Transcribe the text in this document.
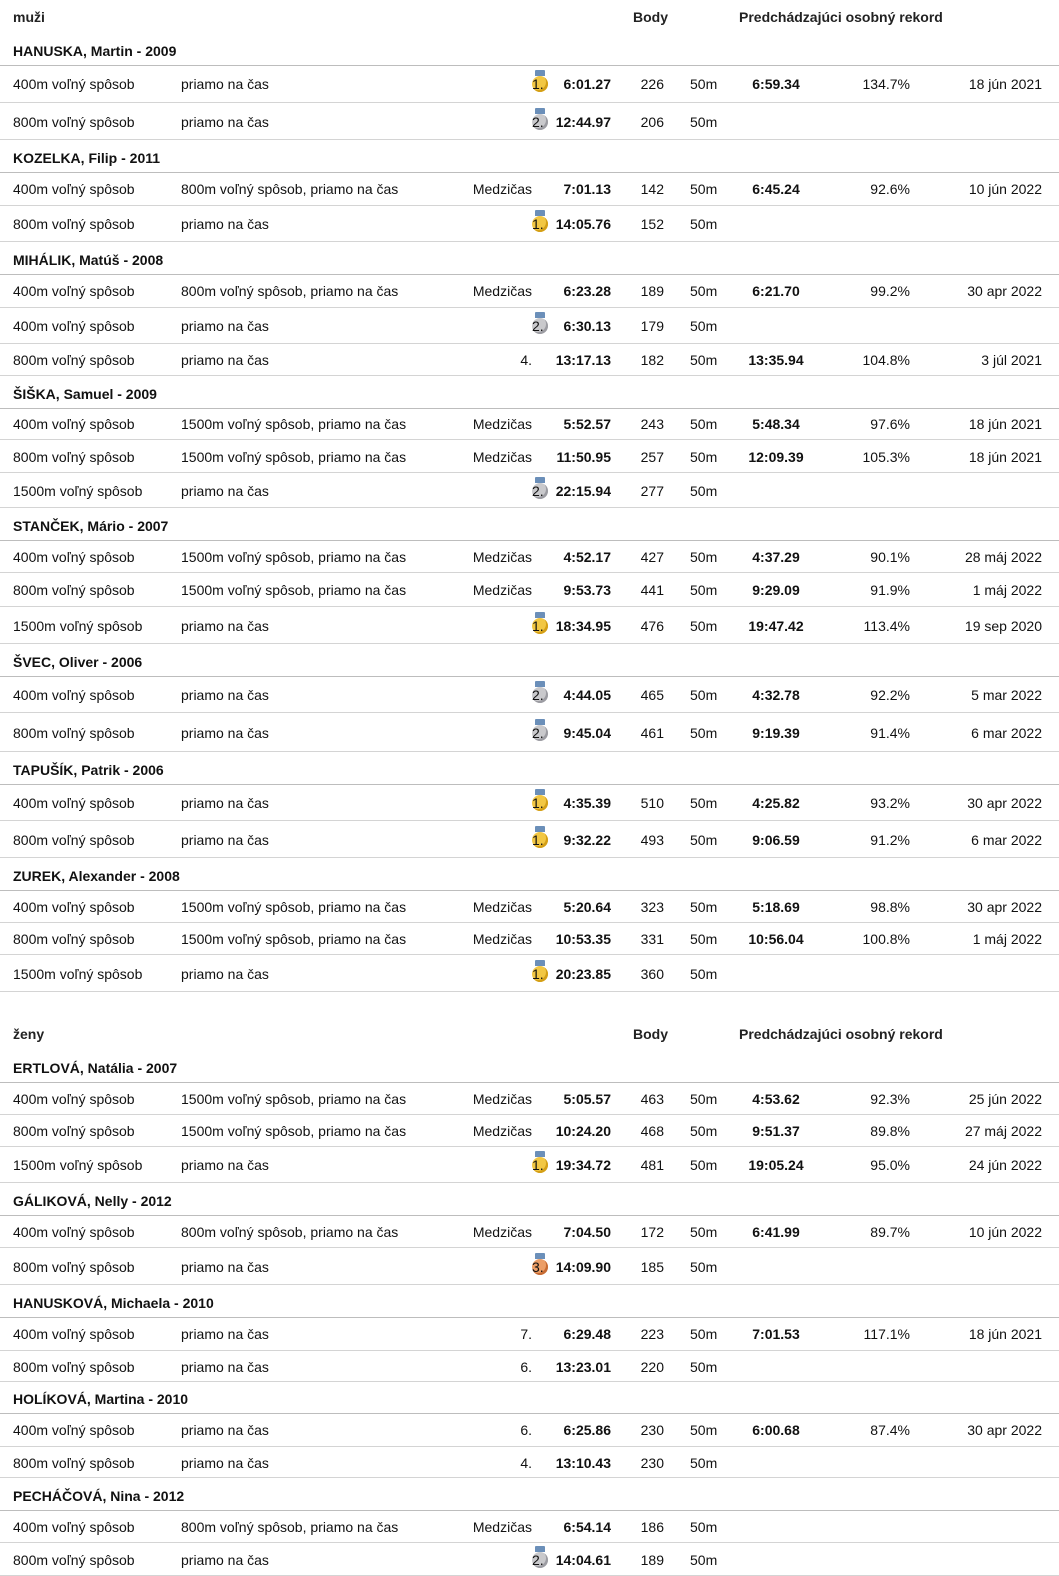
muži	Body	Predchádzajúci osobný rekord
HANUSKA, Martin - 2009
400m voľný spôsob	priamo na čas	1.	6:01.27	226 50m	6:59.34	134.7%	18 jún 2021
800m voľný spôsob	priamo na čas	2. 12:44.97	206 50m
KOZELKA, Filip - 2011
400m voľný spôsob	800m voľný spôsob, priamo na čas	Medzičas	7:01.13	142 50m	6:45.24	92.6%	10 jún 2022
800m voľný spôsob	priamo na čas	1. 14:05.76	152 50m
MIHÁLIK, Matúš - 2008
400m voľný spôsob	800m voľný spôsob, priamo na čas	Medzičas	6:23.28	189 50m	6:21.70	99.2%	30 apr 2022
400m voľný spôsob	priamo na čas	2.	6:30.13	179 50m
800m voľný spôsob	priamo na čas	4.	13:17.13	182 50m	13:35.94	104.8%	3 júl 2021
ŠIŠKA, Samuel - 2009
400m voľný spôsob	1500m voľný spôsob, priamo na čas	Medzičas	5:52.57	243 50m	5:48.34	97.6%	18 jún 2021
800m voľný spôsob	1500m voľný spôsob, priamo na čas	Medzičas	11:50.95	257 50m	12:09.39	105.3%	18 jún 2021
1500m voľný spôsob	priamo na čas	2. 22:15.94	277 50m
STANČEK, Mário - 2007
400m voľný spôsob	1500m voľný spôsob, priamo na čas	Medzičas	4:52.17	427 50m	4:37.29	90.1%	28 máj 2022
800m voľný spôsob	1500m voľný spôsob, priamo na čas	Medzičas	9:53.73	441 50m	9:29.09	91.9%	1 máj 2022
1500m voľný spôsob	priamo na čas	1. 18:34.95	476 50m	19:47.42	113.4%	19 sep 2020
ŠVEC, Oliver - 2006
400m voľný spôsob	priamo na čas	2.	4:44.05	465 50m	4:32.78	92.2%	5 mar 2022
800m voľný spôsob	priamo na čas	2.	9:45.04	461 50m	9:19.39	91.4%	6 mar 2022
TAPUŠÍK, Patrik - 2006
400m voľný spôsob	priamo na čas	1.	4:35.39	510 50m	4:25.82	93.2%	30 apr 2022
800m voľný spôsob	priamo na čas	1.	9:32.22	493 50m	9:06.59	91.2%	6 mar 2022
ZUREK, Alexander - 2008
400m voľný spôsob	1500m voľný spôsob, priamo na čas	Medzičas	5:20.64	323 50m	5:18.69	98.8%	30 apr 2022
800m voľný spôsob	1500m voľný spôsob, priamo na čas	Medzičas	10:53.35	331 50m	10:56.04	100.8%	1 máj 2022
1500m voľný spôsob	priamo na čas	1. 20:23.85	360 50m
ženy	Body	Predchádzajúci osobný rekord
ERTLOVÁ, Natália - 2007
400m voľný spôsob	1500m voľný spôsob, priamo na čas	Medzičas	5:05.57	463 50m	4:53.62	92.3%	25 jún 2022
800m voľný spôsob	1500m voľný spôsob, priamo na čas	Medzičas	10:24.20	468 50m	9:51.37	89.8%	27 máj 2022
1500m voľný spôsob	priamo na čas	1. 19:34.72	481 50m	19:05.24	95.0%	24 jún 2022
GÁLIKOVÁ, Nelly - 2012
400m voľný spôsob	800m voľný spôsob, priamo na čas	Medzičas	7:04.50	172 50m	6:41.99	89.7%	10 jún 2022
800m voľný spôsob	priamo na čas	3. 14:09.90	185 50m
HANUSKOVÁ, Michaela - 2010
400m voľný spôsob	priamo na čas	7.	6:29.48	223 50m	7:01.53	117.1%	18 jún 2021
800m voľný spôsob	priamo na čas	6.	13:23.01	220 50m
HOLÍKOVÁ, Martina - 2010
400m voľný spôsob	priamo na čas	6.	6:25.86	230 50m	6:00.68	87.4%	30 apr 2022
800m voľný spôsob	priamo na čas	4.	13:10.43	230 50m
PECHÁČOVÁ, Nina - 2012
400m voľný spôsob	800m voľný spôsob, priamo na čas	Medzičas	6:54.14	186 50m
800m voľný spôsob	priamo na čas	2. 14:04.61	189 50m
